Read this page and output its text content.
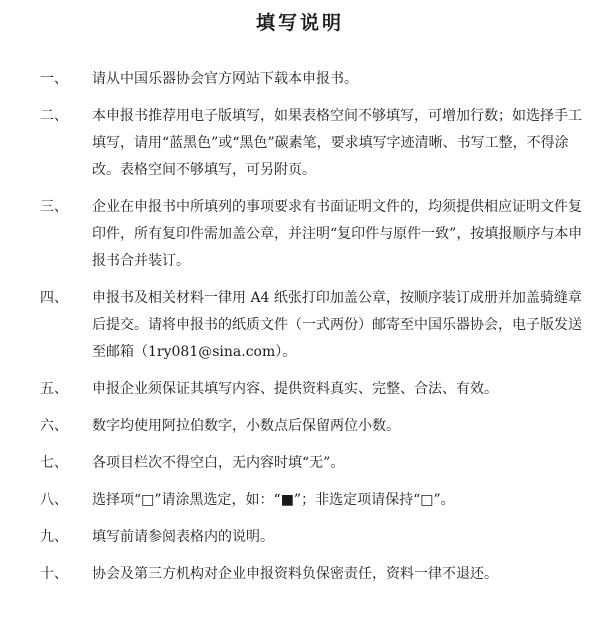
填写说明
一、	请从中国乐器协会官方网站下载本申报书。
二、	本申报书推荐用电子版填写，如果表格空间不够填写，可增加行数；如选择手工填写，请用“蓝黑色”或“黑色”碳素笔，要求填写字迹清晰、书写工整，不得涂改。表格空间不够填写，可另附页。
三、	企业在申报书中所填列的事项要求有书面证明文件的，均须提供相应证明文件复印件，所有复印件需加盖公章，并注明“复印件与原件一致”，按填报顺序与本申报书合并装订。
四、	申报书及相关材料一律用 A4 纸张打印加盖公章，按顺序装订成册并加盖骑缝章后提交。请将申报书的纸质文件（一式两份）邮寄至中国乐器协会，电子版发送至邮箱（1ry081@sina.com）。
五、	申报企业须保证其填写内容、提供资料真实、完整、合法、有效。
六、	数字均使用阿拉伯数字，小数点后保留两位小数。
七、	各项目栏次不得空白，无内容时填“无”。
八、	选择项“□”请涂黑选定，如：“■”；非选定项请保持“□”。
九、	填写前请参阅表格内的说明。
十、	协会及第三方机构对企业申报资料负保密责任，资料一律不退还。
